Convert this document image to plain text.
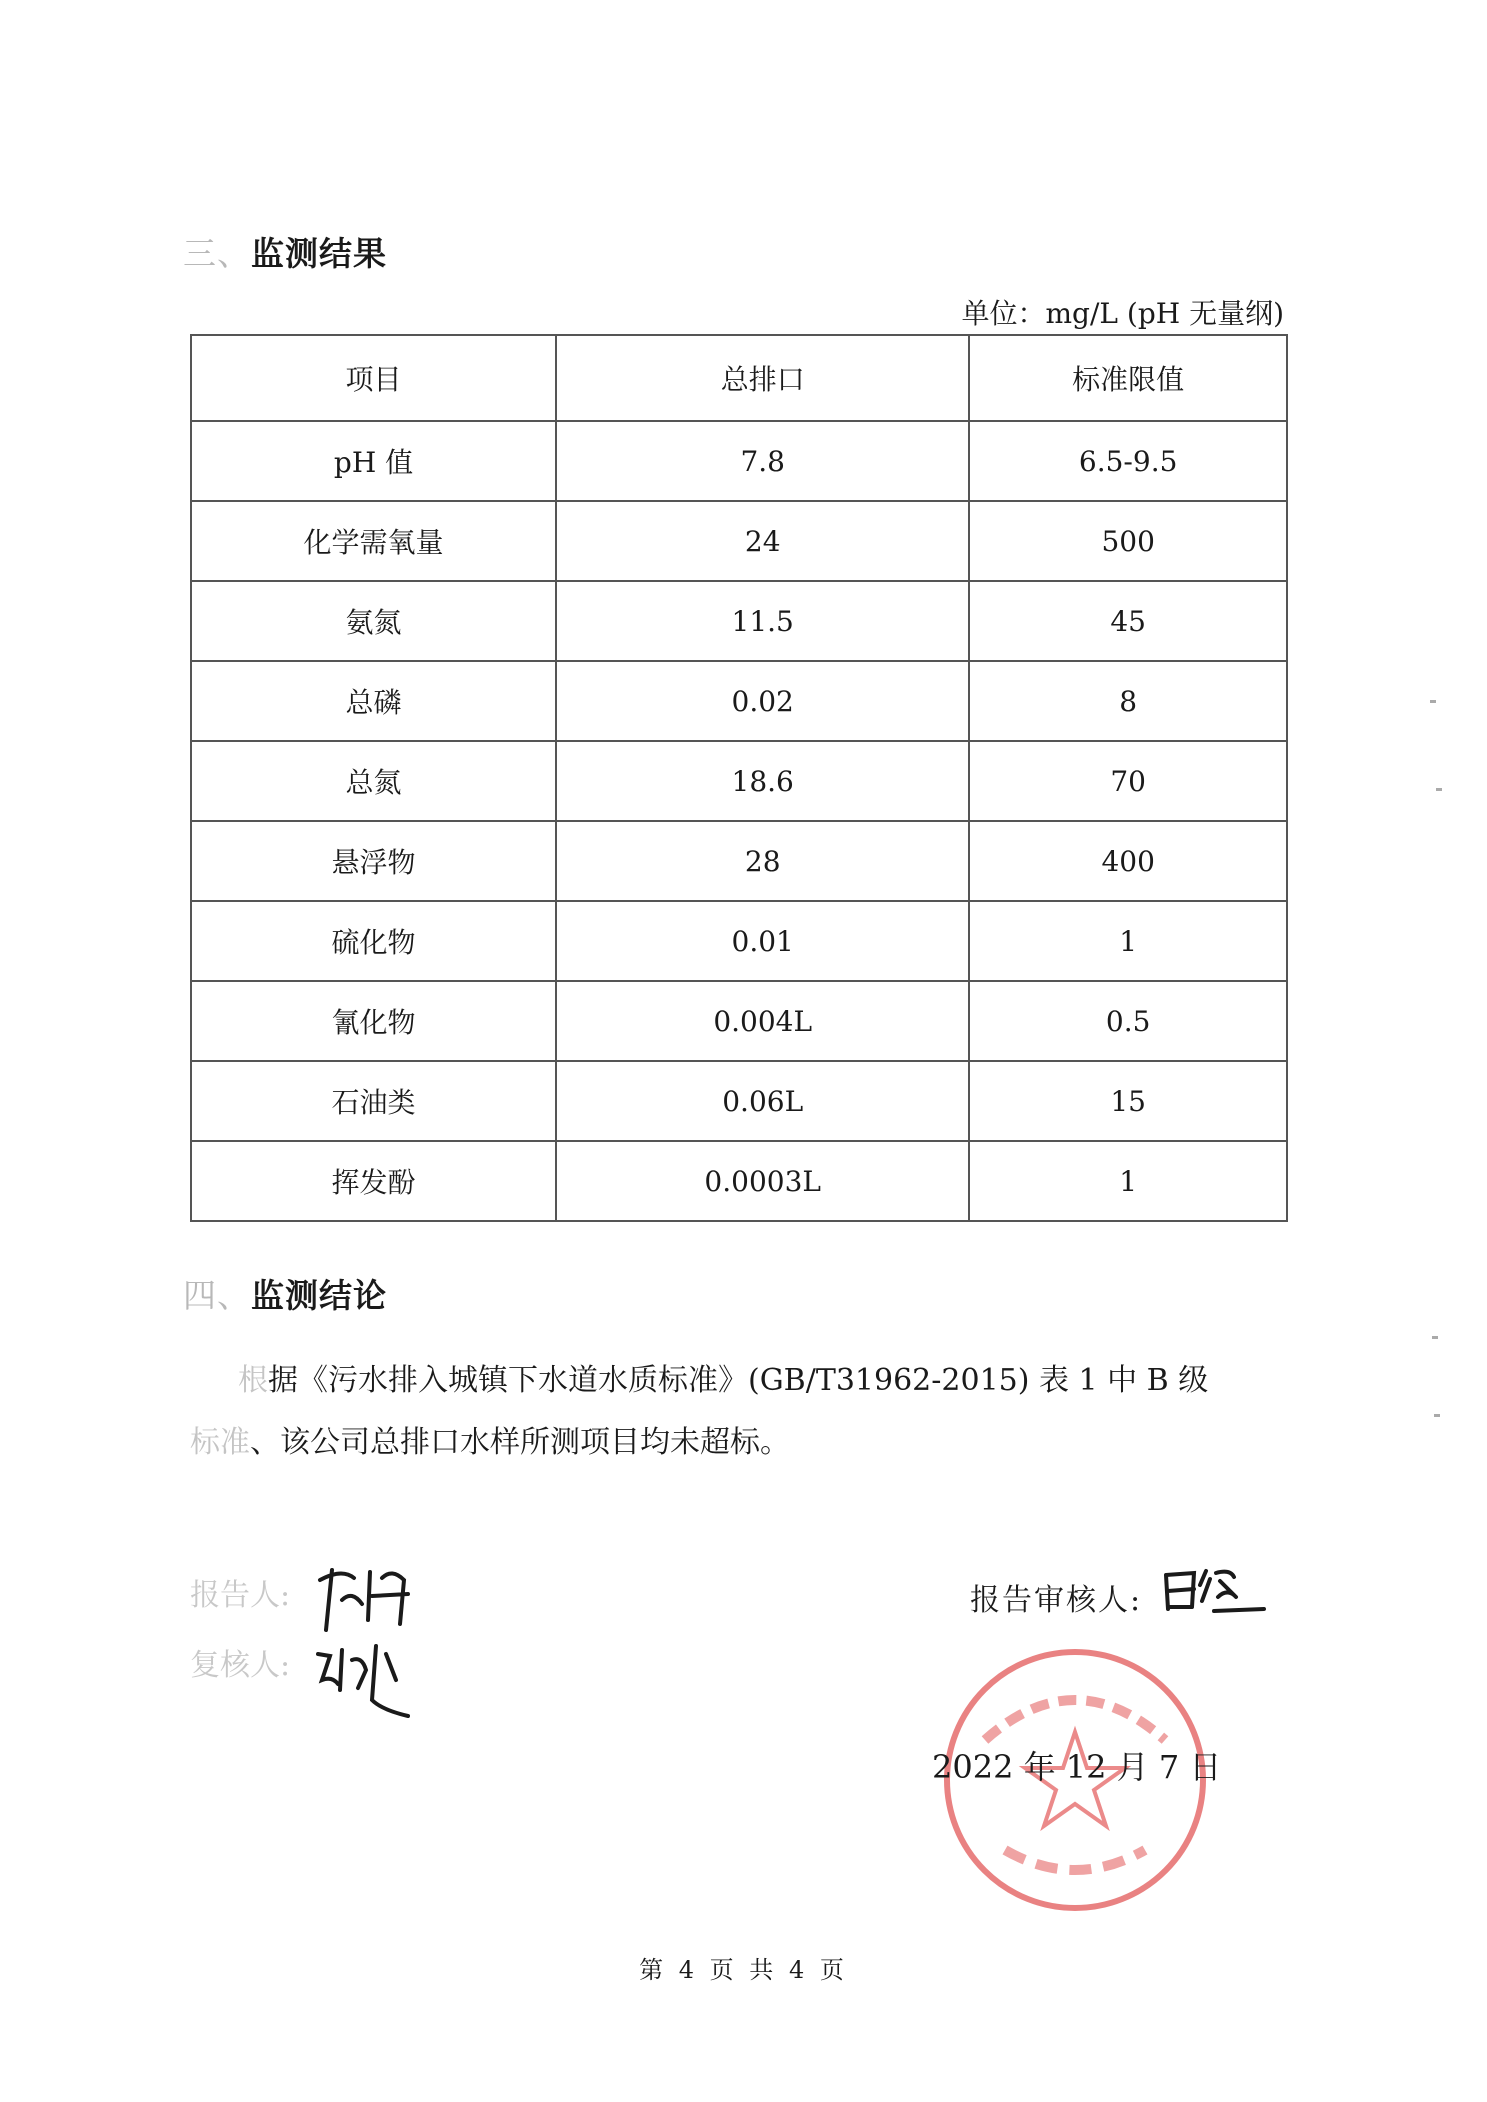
三、监测结果
单位：mg/L (pH 无量纲)
项目	总排口	标准限值
pH 值	7.8	6.5-9.5
化学需氧量	24	500
氨氮	11.5	45
总磷	0.02	8
总氮	18.6	70
悬浮物	28	400
硫化物	0.01	1
氰化物	0.004L	0.5
石油类	0.06L	15
挥发酚	0.0003L	1
四、监测结论
根据《污水排入城镇下水道水质标准》(GB/T31962-2015) 表 1 中 B 级
标准、该公司总排口水样所测项目均未超标。
报告人:
复核人:
报告审核人:
2022 年 12 月 7 日
第 4 页 共 4 页
